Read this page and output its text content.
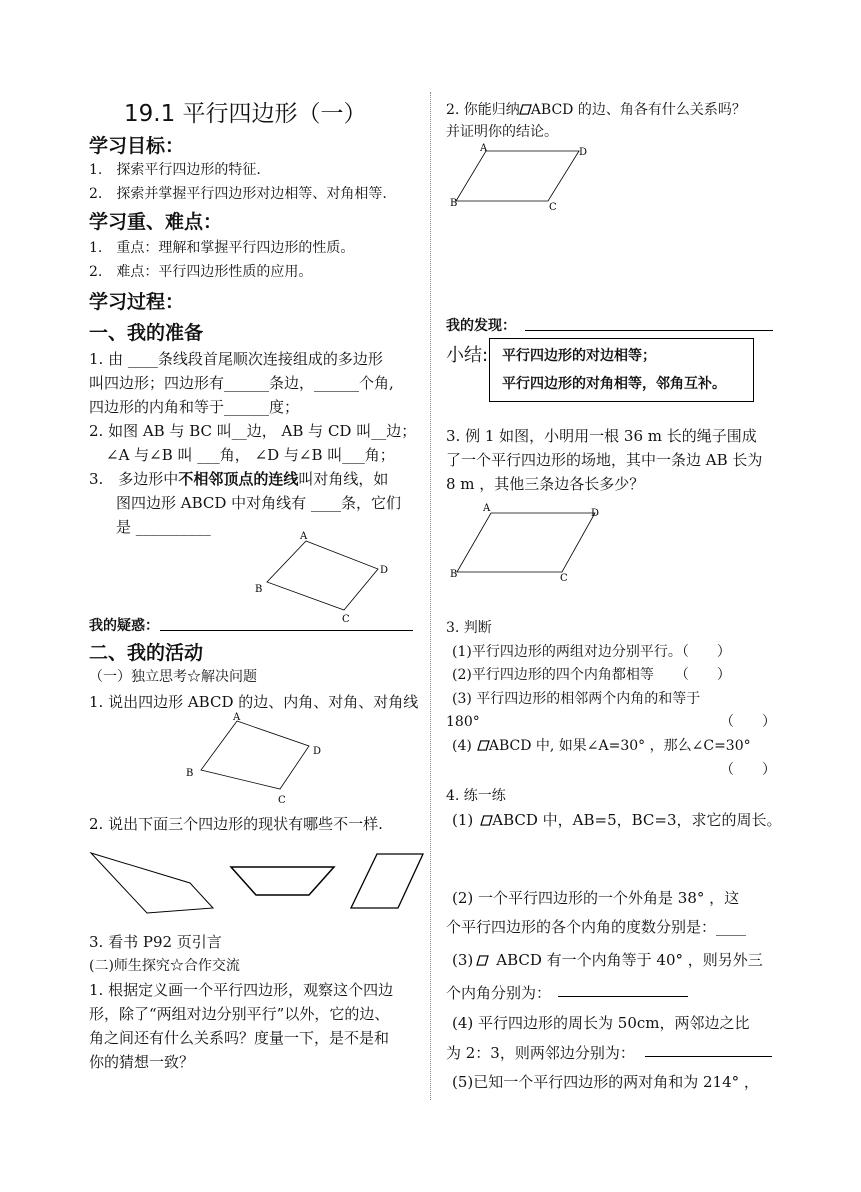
19.1 平行四边形（一）
学习目标：
1.　探索平行四边形的特征.
2.　探索并掌握平行四边形对边相等、对角相等.
学习重、难点：
1.　重点：理解和掌握平行四边形的性质。
2.　难点：平行四边形性质的应用。
学习过程：
一、我的准备
1. 由 ____条线段首尾顺次连接组成的多边形
叫四边形；四边形有______条边，______个角,
四边形的内角和等于______度；
2. 如图 AB 与 BC 叫__边， AB 与 CD 叫__边；
∠A 与∠B 叫 ___角， ∠D 与∠B 叫___角；
3.　多边形中不相邻顶点的连线叫对角线，如
图四边形 ABCD 中对角线有 ____条，它们
是 __________
A
D
C
B
我的疑惑：
二、我的活动
（一）独立思考☆解决问题
1. 说出四边形 ABCD 的边、内角、对角、对角线
A
D
C
B
2. 说出下面三个四边形的现状有哪些不一样.
3. 看书 P92 页引言
(二)师生探究☆合作交流
1. 根据定义画一个平行四边形，观察这个四边
形，除了“两组对边分别平行”以外，它的边、
角之间还有什么关系吗？度量一下，是不是和
你的猜想一致？
2. 你能归纳 ABCD 的边、角各有什么关系吗？
并证明你的结论。
A	D
C
B
我的发现：
小结: 平行四边形的对边相等；
平行四边形的对角相等，邻角互补。
3. 例 1 如图，小明用一根 36 m 长的绳子围成
了一个平行四边形的场地，其中一条边 AB 长为
8 m ，其他三条边各长多少？
A	D
C
B
3. 判断
(1)平行四边形的两组对边分别平行。（　　）
(2)平行四边形的四个内角都相等　　（　　）
(3) 平行四边形的相邻两个内角的和等于
180°	（　　）
(4) ABCD 中, 如果∠A=30° ，那么∠C=30°
（　　）
4. 练一练
(1) ABCD 中，AB=5，BC=3，求它的周长。
(2) 一个平行四边形的一个外角是 38° ，这
个平行四边形的各个内角的度数分别是：____
(3) ABCD 有一个内角等于 40° ，则另外三
个内角分别为：
(4) 平行四边形的周长为 50cm，两邻边之比
为 2：3，则两邻边分别为：
(5)已知一个平行四边形的两对角和为 214° ，
